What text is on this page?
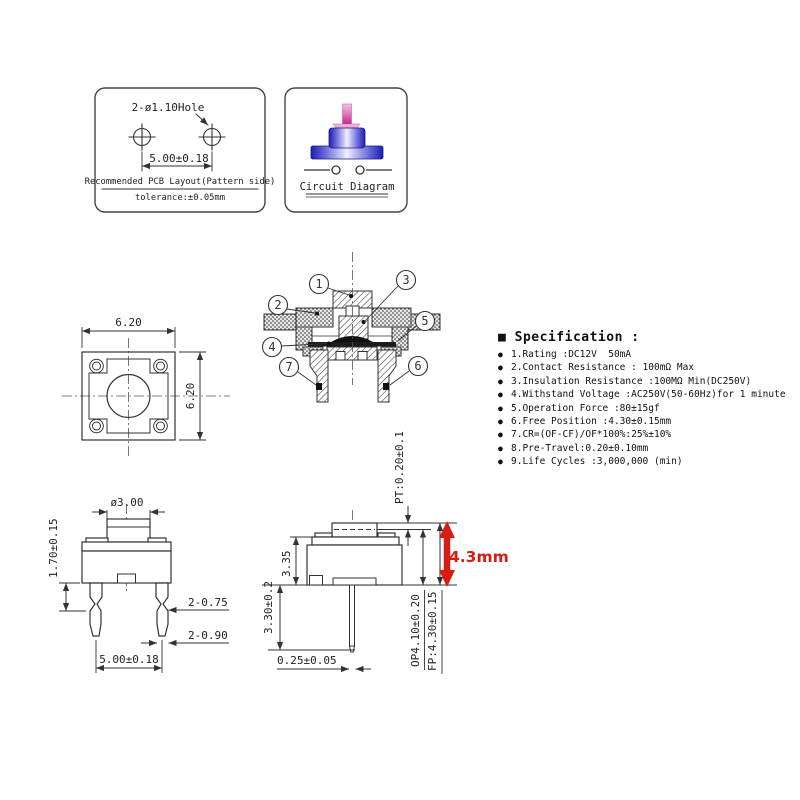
2-ø1.10Hole
5.00±0.18
Recommended PCB Layout(Pattern side)
tolerance:±0.05mm
Circuit Diagram
6.20
6.20
1
2
3
4
5
6
7
ø3.00
1.70±0.15
2-0.75
2-0.90
5.00±0.18
PT:0.20±0.1
OP4.10±0.20 FP:4.30±0.15
4.3mm
3.35
3.30±0.2
0.25±0.05
■ Specification :
● 1.Rating :DC12V  50mA
● 2.Contact Resistance : 100mΩ Max
● 3.Insulation Resistance :100MΩ Min(DC250V)
● 4.Withstand Voltage :AC250V(50-60Hz)for 1 minute
● 5.Operation Force :80±15gf
● 6.Free Position :4.30±0.15mm
● 7.CR=(OF-CF)/OF*100%:25%±10%
● 8.Pre-Travel:0.20±0.10mm
● 9.Life Cycles :3,000,000 (min)
